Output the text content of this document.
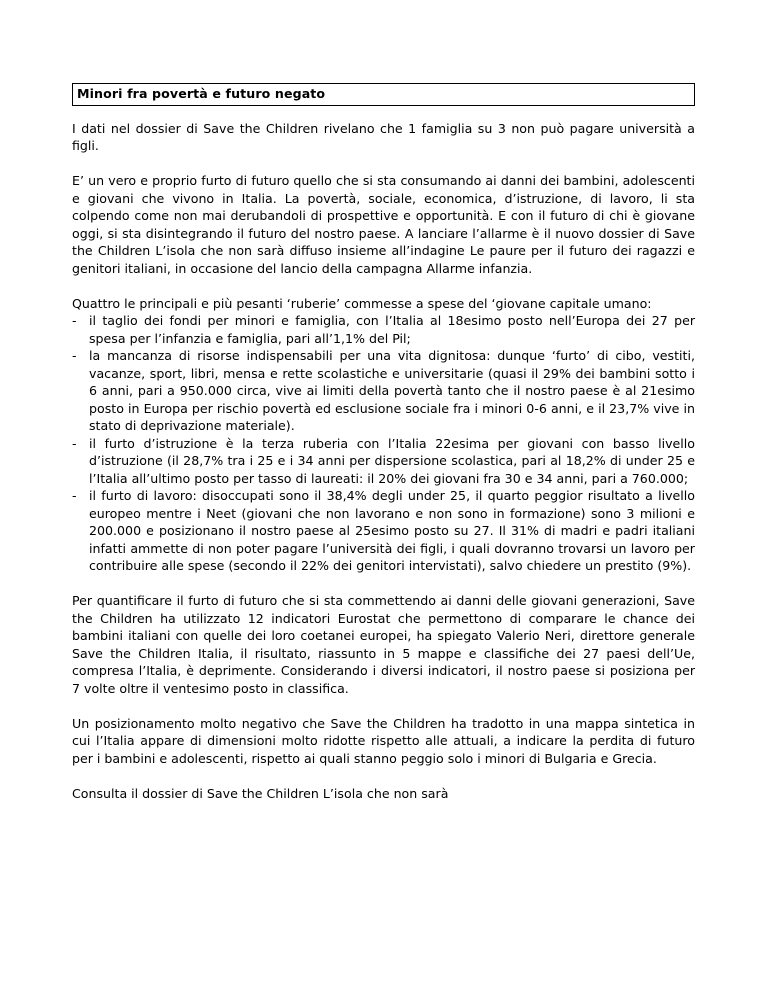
Minori fra povertà e futuro negato

I dati nel dossier di Save the Children rivelano che 1 famiglia su 3 non può pagare università a figli.

E’ un vero e proprio furto di futuro quello che si sta consumando ai danni dei bambini, adolescenti e giovani che vivono in Italia. La povertà, sociale, economica, d’istruzione, di lavoro, li sta colpendo come non mai derubandoli di prospettive e opportunità. E con il futuro di chi è giovane oggi, si sta disintegrando il futuro del nostro paese. A lanciare l’allarme è il nuovo dossier di Save the Children L’isola che non sarà diffuso insieme all’indagine Le paure per il futuro dei ragazzi e genitori italiani, in occasione del lancio della campagna Allarme infanzia.

Quattro le principali e più pesanti ‘ruberie’ commesse a spese del ‘giovane capitale umano:
- il taglio dei fondi per minori e famiglia, con l’Italia al 18esimo posto nell’Europa dei 27 per spesa per l’infanzia e famiglia, pari all’1,1% del Pil;
- la mancanza di risorse indispensabili per una vita dignitosa: dunque ‘furto’ di cibo, vestiti, vacanze, sport, libri, mensa e rette scolastiche e universitarie (quasi il 29% dei bambini sotto i 6 anni, pari a 950.000 circa, vive ai limiti della povertà tanto che il nostro paese è al 21esimo posto in Europa per rischio povertà ed esclusione sociale fra i minori 0-6 anni, e il 23,7% vive in stato di deprivazione materiale).
- il furto d’istruzione è la terza ruberia con l’Italia 22esima per giovani con basso livello d’istruzione (il 28,7% tra i 25 e i 34 anni per dispersione scolastica, pari al 18,2% di under 25 e l’Italia all’ultimo posto per tasso di laureati: il 20% dei giovani fra 30 e 34 anni, pari a 760.000;
- il furto di lavoro: disoccupati sono il 38,4% degli under 25, il quarto peggior risultato a livello europeo mentre i Neet (giovani che non lavorano e non sono in formazione) sono 3 milioni e 200.000 e posizionano il nostro paese al 25esimo posto su 27. Il 31% di madri e padri italiani infatti ammette di non poter pagare l’università dei figli, i quali dovranno trovarsi un lavoro per contribuire alle spese (secondo il 22% dei genitori intervistati), salvo chiedere un prestito (9%).

Per quantificare il furto di futuro che si sta commettendo ai danni delle giovani generazioni, Save the Children ha utilizzato 12 indicatori Eurostat che permettono di comparare le chance dei bambini italiani con quelle dei loro coetanei europei, ha spiegato Valerio Neri, direttore generale Save the Children Italia, il risultato, riassunto in 5 mappe e classifiche dei 27 paesi dell’Ue, compresa l’Italia, è deprimente. Considerando i diversi indicatori, il nostro paese si posiziona per 7 volte oltre il ventesimo posto in classifica.

Un posizionamento molto negativo che Save the Children ha tradotto in una mappa sintetica in cui l’Italia appare di dimensioni molto ridotte rispetto alle attuali, a indicare la perdita di futuro per i bambini e adolescenti, rispetto ai quali stanno peggio solo i minori di Bulgaria e Grecia.

Consulta il dossier di Save the Children L’isola che non sarà
